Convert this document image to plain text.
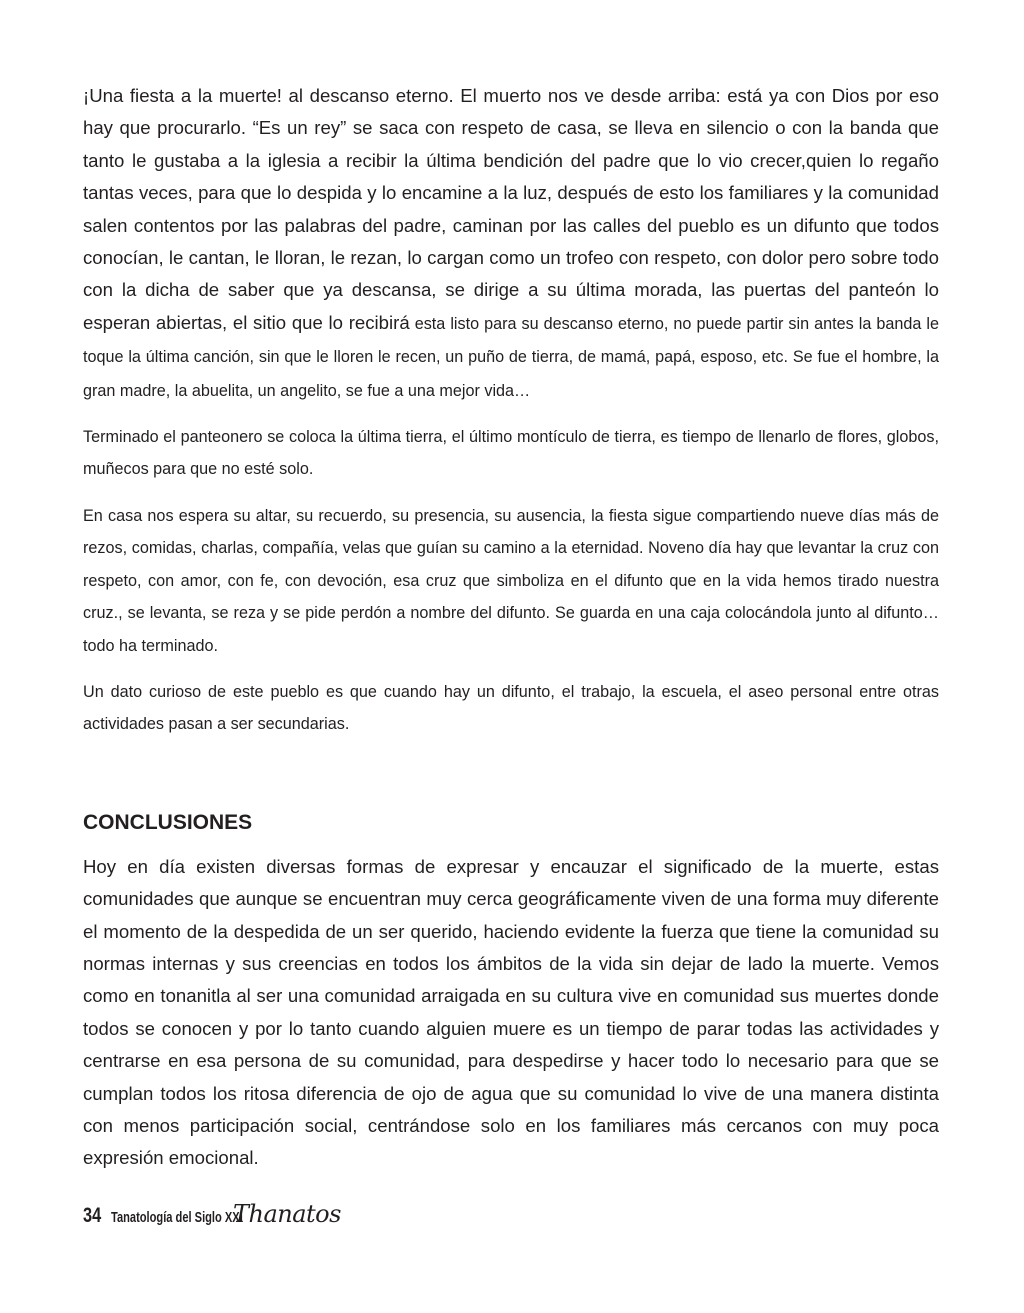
¡Una fiesta a la muerte! al descanso eterno. El muerto nos ve desde arriba: está ya con Dios por eso hay que procurarlo. “Es un rey” se saca con respeto de casa, se lleva en silencio o con la banda que tanto le gustaba a la iglesia a recibir la última bendición del padre que lo vio crecer,quien lo regaño tantas veces, para que lo despida y lo encamine a la luz, después de esto los familiares y la comunidad salen contentos por las palabras del padre, caminan por las calles del pueblo es un difunto que todos conocían, le cantan, le lloran, le rezan, lo cargan como un trofeo con respeto, con dolor pero sobre todo con la dicha de saber que ya descansa, se dirige a su última morada, las puertas del panteón lo esperan abiertas, el sitio que lo recibirá esta listo para su descanso eterno, no puede partir sin antes la banda le toque la última canción, sin que le lloren le recen, un puño de tierra, de mamá, papá, esposo, etc. Se fue el hombre, la gran madre, la abuelita, un angelito, se fue a una mejor vida…

Terminado el panteonero se coloca la última tierra, el último montículo de tierra, es tiempo de llenarlo de flores, globos, muñecos para que no esté solo.

En casa nos espera su altar, su recuerdo, su presencia, su ausencia, la fiesta sigue compartiendo nueve días más de rezos, comidas, charlas, compañía, velas que guían su camino a la eternidad. Noveno día hay que levantar la cruz con respeto, con amor, con fe, con devoción, esa cruz que simboliza en el difunto que en la vida hemos tirado nuestra cruz., se levanta, se reza y se pide perdón a nombre del difunto. Se guarda en una caja colocándola junto al difunto…todo ha terminado.

Un dato curioso de este pueblo es que cuando hay un difunto, el trabajo, la escuela, el aseo personal entre otras actividades pasan a ser secundarias.

CONCLUSIONES

Hoy en día existen diversas formas de expresar y encauzar el significado de la muerte, estas comunidades que aunque se encuentran muy cerca geográficamente viven de una forma muy diferente el momento de la despedida de un ser querido, haciendo evidente la fuerza que tiene la comunidad su normas internas y sus creencias en todos los ámbitos de la vida sin dejar de lado la muerte. Vemos como en tonanitla al ser una comunidad arraigada en su cultura vive en comunidad sus muertes donde todos se conocen y por lo tanto cuando alguien muere es un tiempo de parar todas las actividades y centrarse en esa persona de su comunidad, para despedirse y hacer todo lo necesario para que se cumplan todos los ritosa diferencia de ojo de agua que su comunidad lo vive de una manera distinta con menos participación social, centrándose solo en los familiares más cercanos con muy poca expresión emocional.

34 Tanatología del Siglo XXI
Thanatos
